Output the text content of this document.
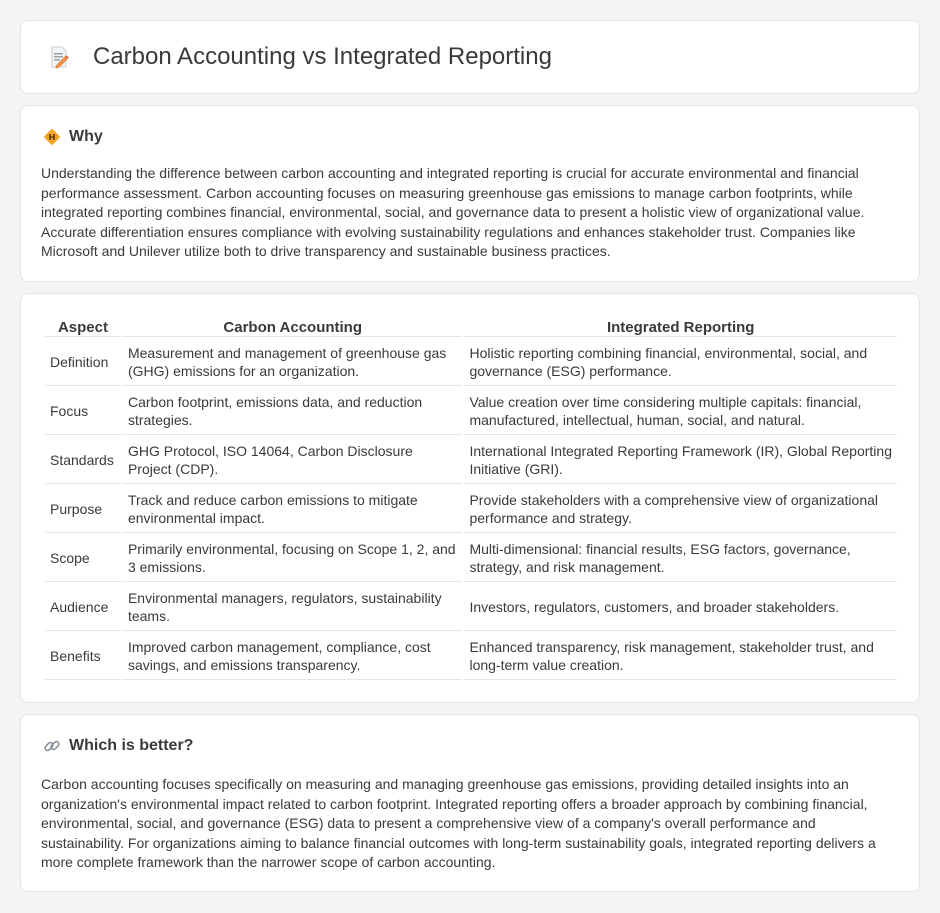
Carbon Accounting vs Integrated Reporting
Why

Understanding the difference between carbon accounting and integrated reporting is crucial for accurate environmental and financial performance assessment. Carbon accounting focuses on measuring greenhouse gas emissions to manage carbon footprints, while integrated reporting combines financial, environmental, social, and governance data to present a holistic view of organizational value. Accurate differentiation ensures compliance with evolving sustainability regulations and enhances stakeholder trust. Companies like Microsoft and Unilever utilize both to drive transparency and sustainable business practices.

Aspect	Carbon Accounting	Integrated Reporting
Definition	Measurement and management of greenhouse gas (GHG) emissions for an organization.	Holistic reporting combining financial, environmental, social, and governance (ESG) performance.
Focus	Carbon footprint, emissions data, and reduction strategies.	Value creation over time considering multiple capitals: financial, manufactured, intellectual, human, social, and natural.
Standards	GHG Protocol, ISO 14064, Carbon Disclosure Project (CDP).	International Integrated Reporting Framework (IR), Global Reporting Initiative (GRI).
Purpose	Track and reduce carbon emissions to mitigate environmental impact.	Provide stakeholders with a comprehensive view of organizational performance and strategy.
Scope	Primarily environmental, focusing on Scope 1, 2, and 3 emissions.	Multi-dimensional: financial results, ESG factors, governance, strategy, and risk management.
Audience	Environmental managers, regulators, sustainability teams.	Investors, regulators, customers, and broader stakeholders.
Benefits	Improved carbon management, compliance, cost savings, and emissions transparency.	Enhanced transparency, risk management, stakeholder trust, and long-term value creation.
Which is better?

Carbon accounting focuses specifically on measuring and managing greenhouse gas emissions, providing detailed insights into an organization's environmental impact related to carbon footprint. Integrated reporting offers a broader approach by combining financial, environmental, social, and governance (ESG) data to present a comprehensive view of a company's overall performance and sustainability. For organizations aiming to balance financial outcomes with long-term sustainability goals, integrated reporting delivers a more complete framework than the narrower scope of carbon accounting.
